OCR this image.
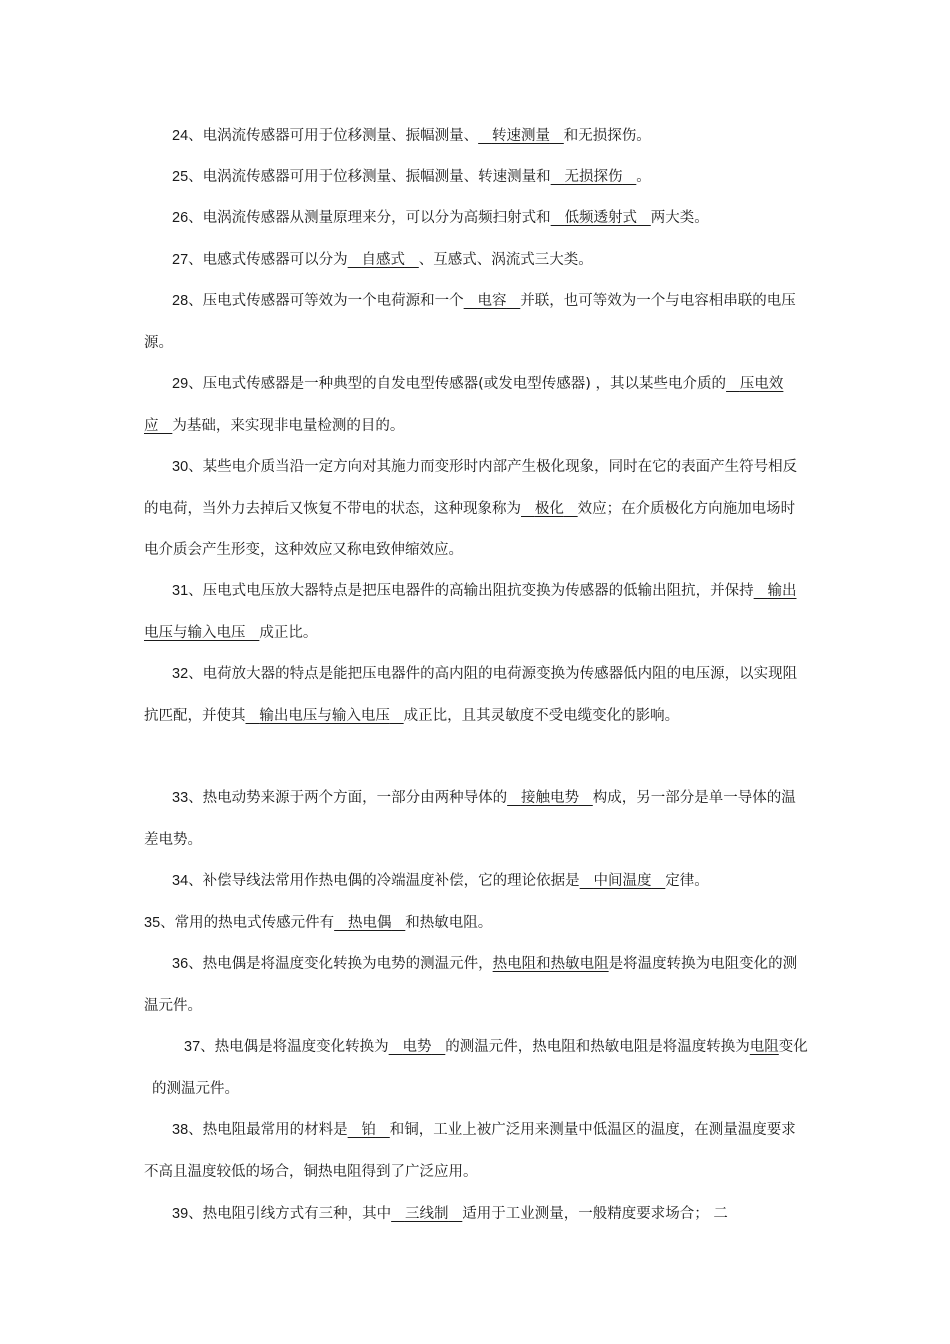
24、电涡流传感器可用于位移测量、振幅测量、 转速测量 和无损探伤。

25、电涡流传感器可用于位移测量、振幅测量、转速测量和 无损探伤 。

26、电涡流传感器从测量原理来分，可以分为高频扫射式和 低频透射式 两大类。

27、电感式传感器可以分为 自感式 、互感式、涡流式三大类。

28、压电式传感器可等效为一个电荷源和一个 电容 并联，也可等效为一个与电容相串联的电压源。

29、压电式传感器是一种典型的自发电型传感器(或发电型传感器) ，其以某些电介质的 压电效应 为基础，来实现非电量检测的目的。

30、某些电介质当沿一定方向对其施力而变形时内部产生极化现象，同时在它的表面产生符号相反的电荷，当外力去掉后又恢复不带电的状态，这种现象称为 极化 效应；在介质极化方向施加电场时电介质会产生形变，这种效应又称电致伸缩效应。

31、压电式电压放大器特点是把压电器件的高输出阻抗变换为传感器的低输出阻抗，并保持 输出电压与输入电压 成正比。

32、电荷放大器的特点是能把压电器件的高内阻的电荷源变换为传感器低内阻的电压源，以实现阻抗匹配，并使其 输出电压与输入电压 成正比，且其灵敏度不受电缆变化的影响。

33、热电动势来源于两个方面，一部分由两种导体的 接触电势 构成，另一部分是单一导体的温差电势。

34、补偿导线法常用作热电偶的冷端温度补偿，它的理论依据是 中间温度 定律。

35、常用的热电式传感元件有 热电偶 和热敏电阻。

36、热电偶是将温度变化转换为电势的测温元件，热电阻和热敏电阻是将温度转换为电阻变化的测温元件。

37、热电偶是将温度变化转换为 电势 的测温元件，热电阻和热敏电阻是将温度转换为电阻变化的测温元件。

38、热电阻最常用的材料是 铂 和铜，工业上被广泛用来测量中低温区的温度，在测量温度要求不高且温度较低的场合，铜热电阻得到了广泛应用。

39、热电阻引线方式有三种，其中 三线制 适用于工业测量，一般精度要求场合； 二
